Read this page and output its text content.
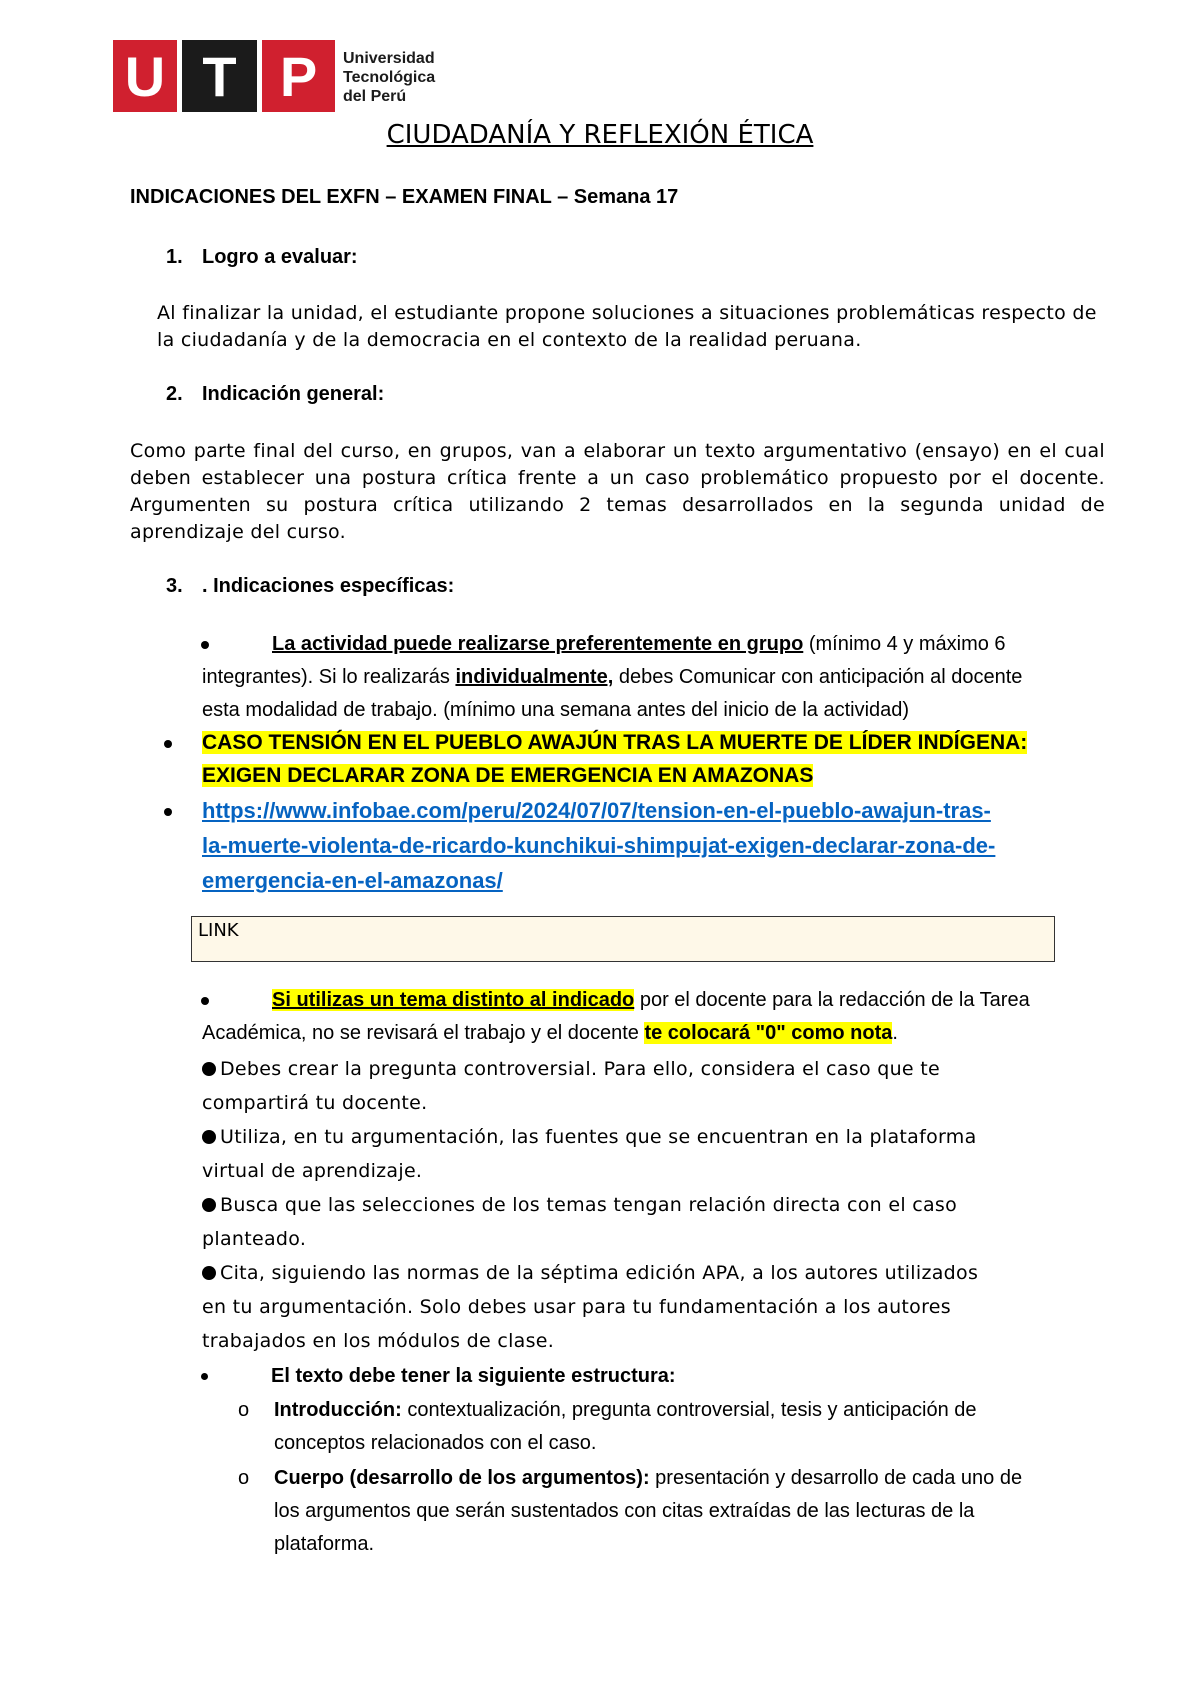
U T P Universidad
Tecnológica
del Perú
CIUDADANÍA Y REFLEXIÓN ÉTICA
INDICACIONES DEL EXFN – EXAMEN FINAL – Semana 17
1. Logro a evaluar:
Al finalizar la unidad, el estudiante propone soluciones a situaciones problemáticas respecto de la ciudadanía y de la democracia en el contexto de la realidad peruana.
2. Indicación general:
Como parte final del curso, en grupos, van a elaborar un texto argumentativo (ensayo) en el cual deben establecer una postura crítica frente a un caso problemático propuesto por el docente. Argumenten su postura crítica utilizando 2 temas desarrollados en la segunda unidad de aprendizaje del curso.
3. . Indicaciones específicas:
La actividad puede realizarse preferentemente en grupo (mínimo 4 y máximo 6
integrantes). Si lo realizarás individualmente, debes Comunicar con anticipación al docente
esta modalidad de trabajo. (mínimo una semana antes del inicio de la actividad)
CASO TENSIÓN EN EL PUEBLO AWAJÚN TRAS LA MUERTE DE LÍDER INDÍGENA:
EXIGEN DECLARAR ZONA DE EMERGENCIA EN AMAZONAS
https://www.infobae.com/peru/2024/07/07/tension-en-el-pueblo-awajun-tras-
la-muerte-violenta-de-ricardo-kunchikui-shimpujat-exigen-declarar-zona-de-
emergencia-en-el-amazonas/
LINK
Si utilizas un tema distinto al indicado por el docente para la redacción de la Tarea
Académica, no se revisará el trabajo y el docente te colocará "0" como nota.
Debes crear la pregunta controversial. Para ello, considera el caso que te
compartirá tu docente.
Utiliza, en tu argumentación, las fuentes que se encuentran en la plataforma
virtual de aprendizaje.
Busca que las selecciones de los temas tengan relación directa con el caso
planteado.
Cita, siguiendo las normas de la séptima edición APA, a los autores utilizados
en tu argumentación. Solo debes usar para tu fundamentación a los autores
trabajados en los módulos de clase.
El texto debe tener la siguiente estructura:
o Introducción: contextualización, pregunta controversial, tesis y anticipación de
conceptos relacionados con el caso.
o Cuerpo (desarrollo de los argumentos): presentación y desarrollo de cada uno de
los argumentos que serán sustentados con citas extraídas de las lecturas de la
plataforma.
